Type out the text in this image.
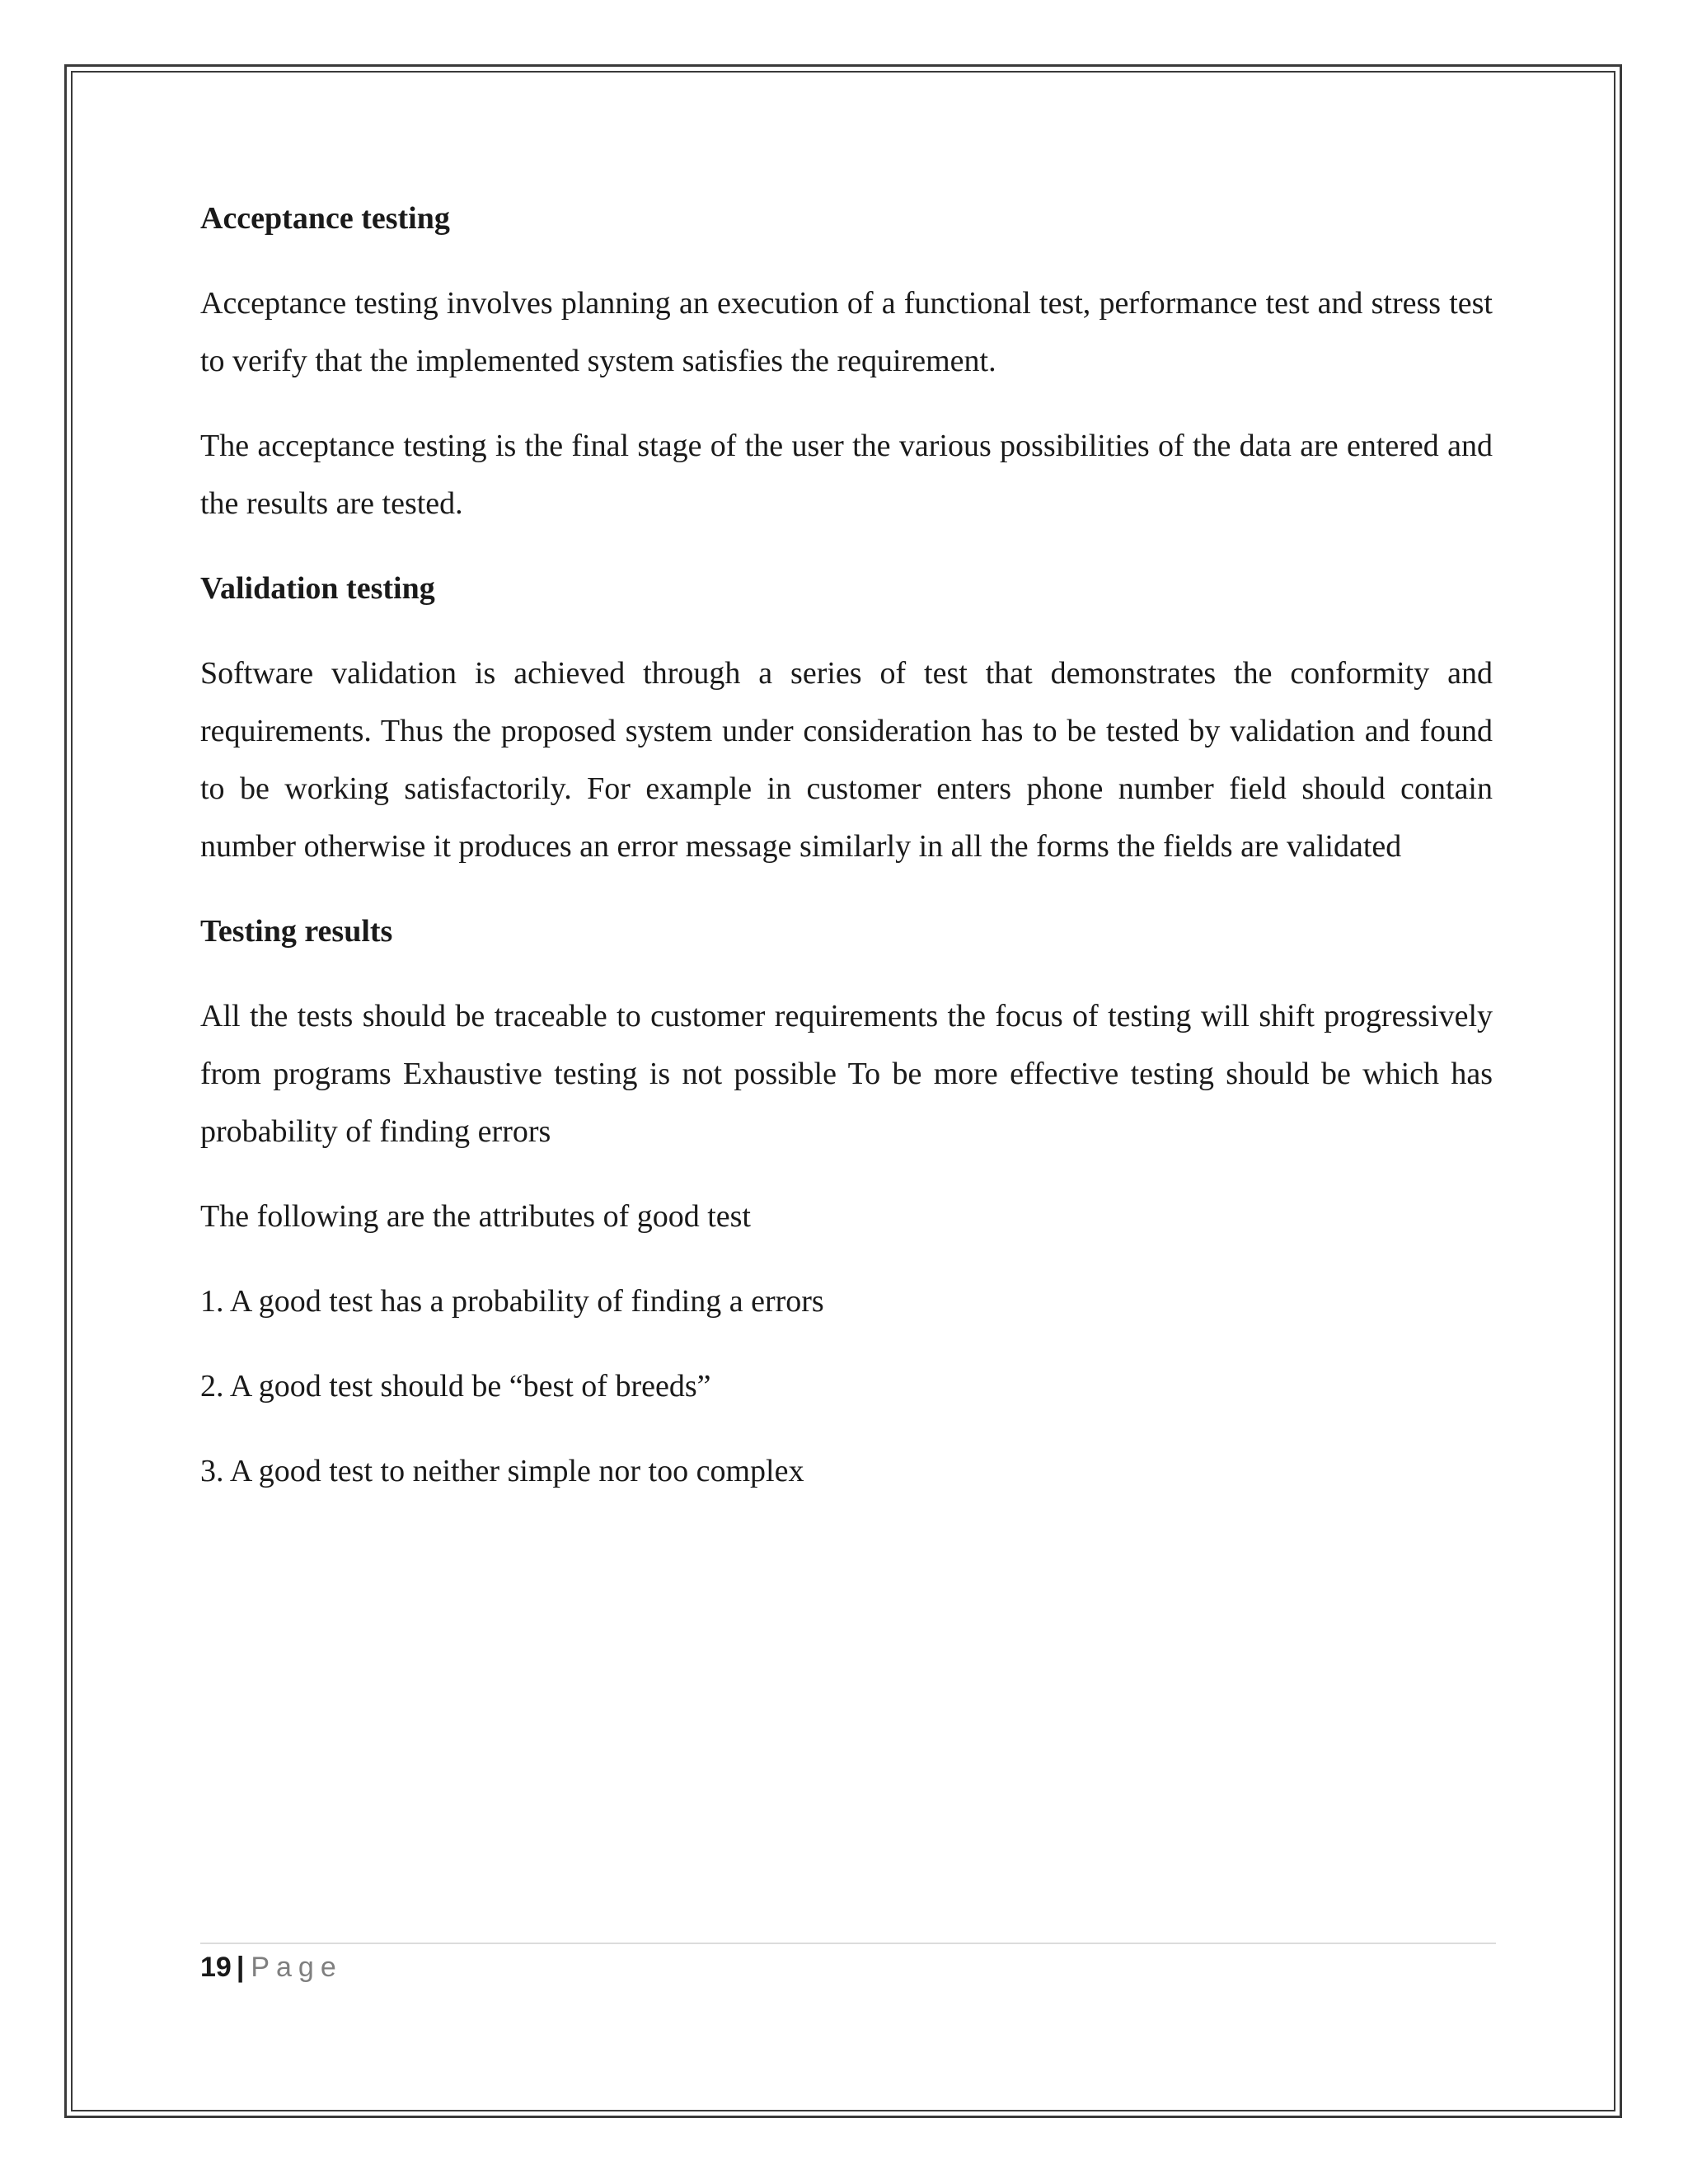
Acceptance testing

Acceptance testing involves planning an execution of a functional test, performance test and stress test to verify that the implemented system satisfies the requirement.

The acceptance testing is the final stage of the user the various possibilities of the data are entered and the results are tested.

Validation testing

Software validation is achieved through a series of test that demonstrates the conformity and requirements. Thus the proposed system under consideration has to be tested by validation and found to be working satisfactorily. For example in customer enters phone number field should contain number otherwise it produces an error message similarly in all the forms the fields are validated

Testing results

All the tests should be traceable to customer requirements the focus of testing will shift progressively from programs Exhaustive testing is not possible To be more effective testing should be which has probability of finding errors

The following are the attributes of good test

1. A good test has a probability of finding a errors
2. A good test should be “best of breeds”
3. A good test to neither simple nor too complex
19 | Page
